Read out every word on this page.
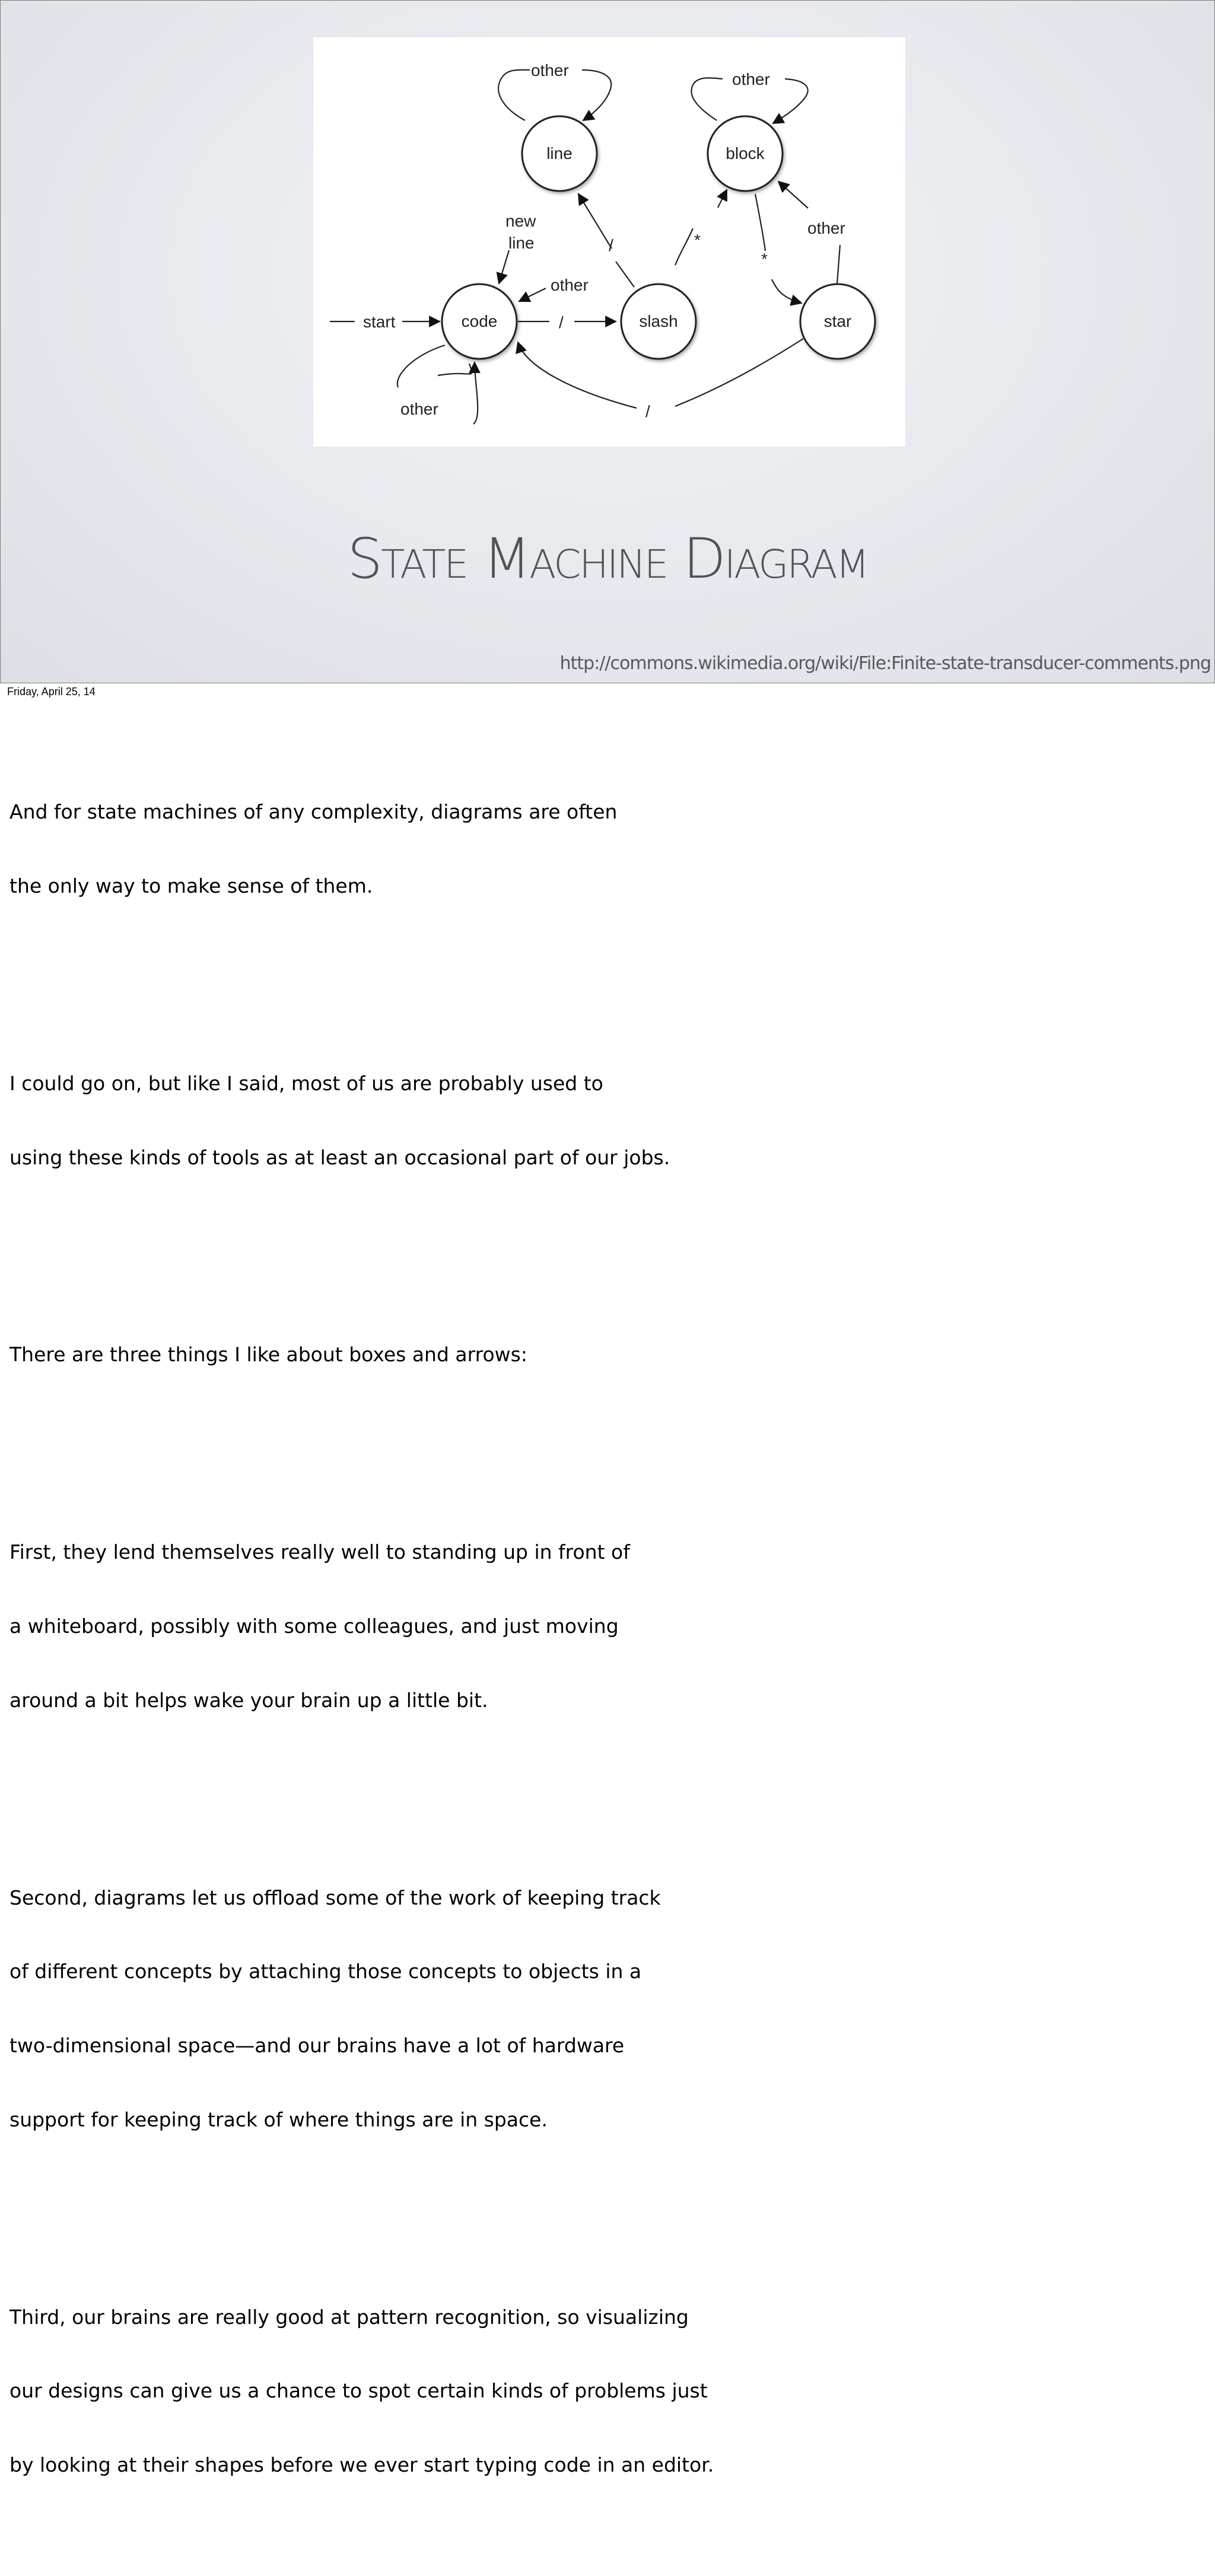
line	block
code	slash	star
start
other
other	other
/
other
/	*
new
line
*
other
/
State Machine Diagram
http://commons.wikimedia.org/wiki/File:Finite-state-transducer-comments.png
Friday, April 25, 14

And for state machines of any complexity, diagrams are often

the only way to make sense of them.

I could go on, but like I said, most of us are probably used to

using these kinds of tools as at least an occasional part of our jobs.

There are three things I like about boxes and arrows:

First, they lend themselves really well to standing up in front of

a whiteboard, possibly with some colleagues, and just moving

around a bit helps wake your brain up a little bit.

Second, diagrams let us offload some of the work of keeping track

of different concepts by attaching those concepts to objects in a

two-dimensional space—and our brains have a lot of hardware

support for keeping track of where things are in space.

Third, our brains are really good at pattern recognition, so visualizing

our designs can give us a chance to spot certain kinds of problems just

by looking at their shapes before we ever start typing code in an editor.
